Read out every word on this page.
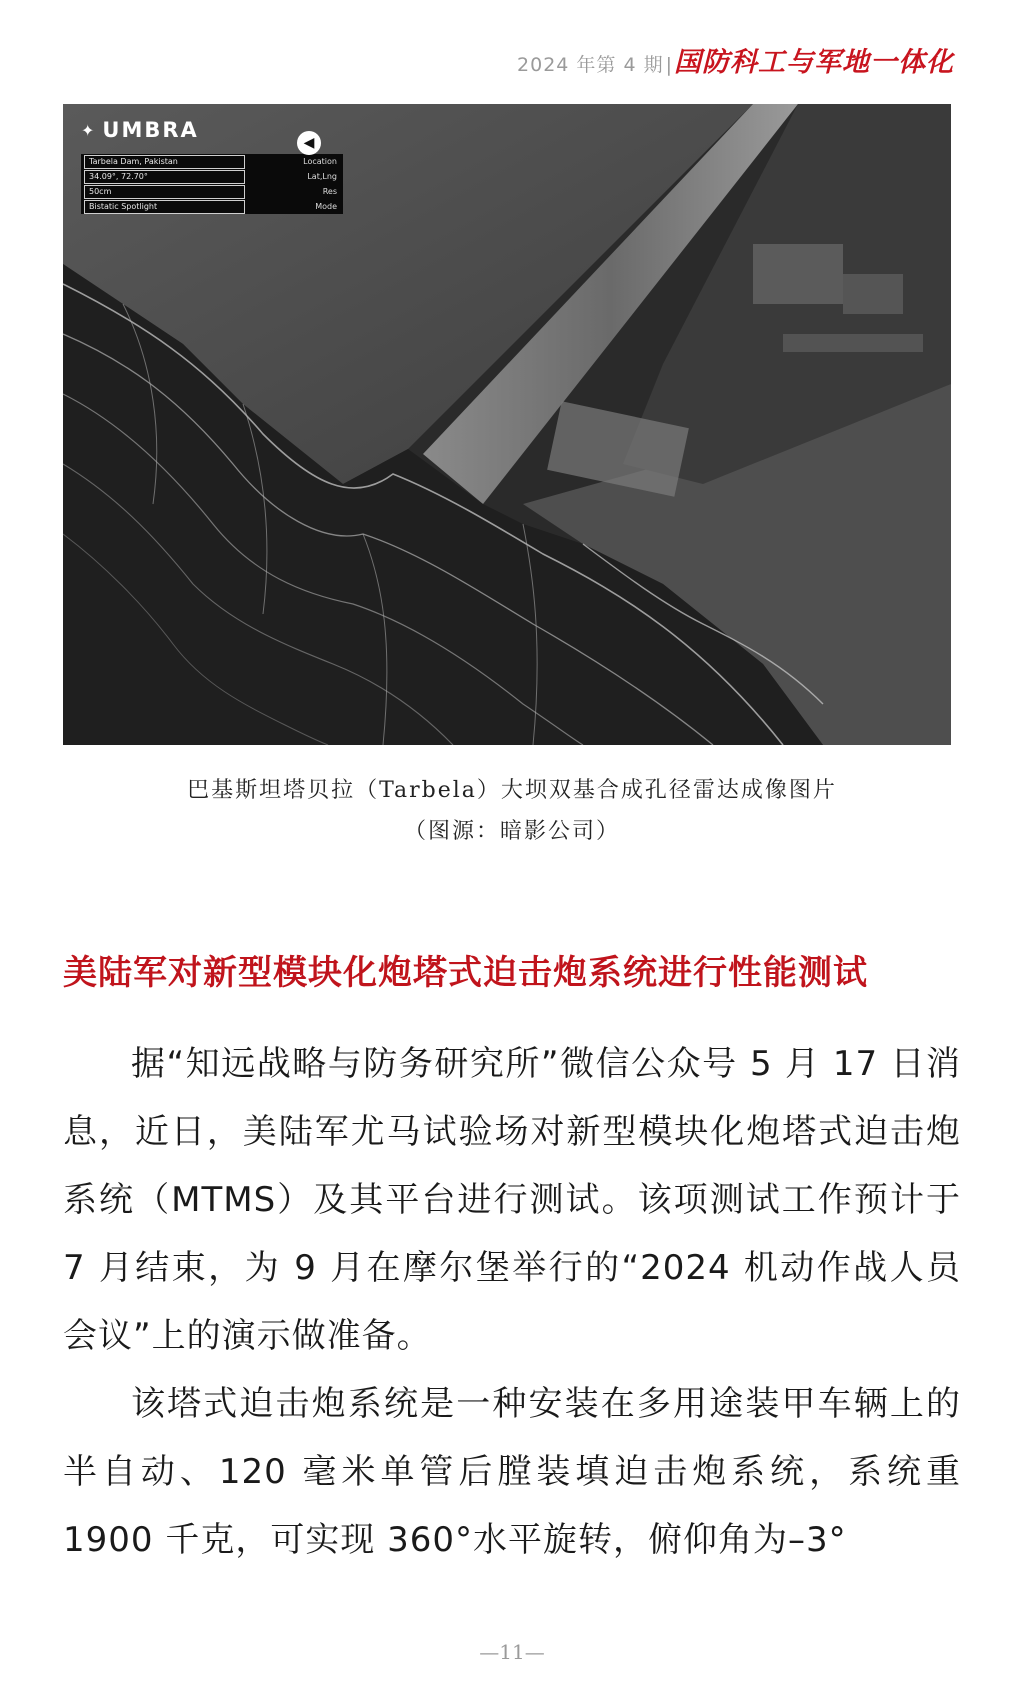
2024 年第 4 期 | 国防科工与军地一体化
✦ UMBRA
◀
Tarbela Dam, Pakistan	Location
34.09°, 72.70°	Lat,Lng
50cm	Res
Bistatic Spotlight	Mode
巴基斯坦塔贝拉（Tarbela）大坝双基合成孔径雷达成像图片
（图源：暗影公司）
美陆军对新型模块化炮塔式迫击炮系统进行性能测试

据“知远战略与防务研究所”微信公众号 5 月 17 日消息，近日，美陆军尤马试验场对新型模块化炮塔式迫击炮系统（MTMS）及其平台进行测试。该项测试工作预计于 7 月结束，为 9 月在摩尔堡举行的“2024 机动作战人员会议”上的演示做准备。

该塔式迫击炮系统是一种安装在多用途装甲车辆上的半自动、120 毫米单管后膛装填迫击炮系统，系统重 1900 千克，可实现 360°水平旋转，俯仰角为–3°

—11—
